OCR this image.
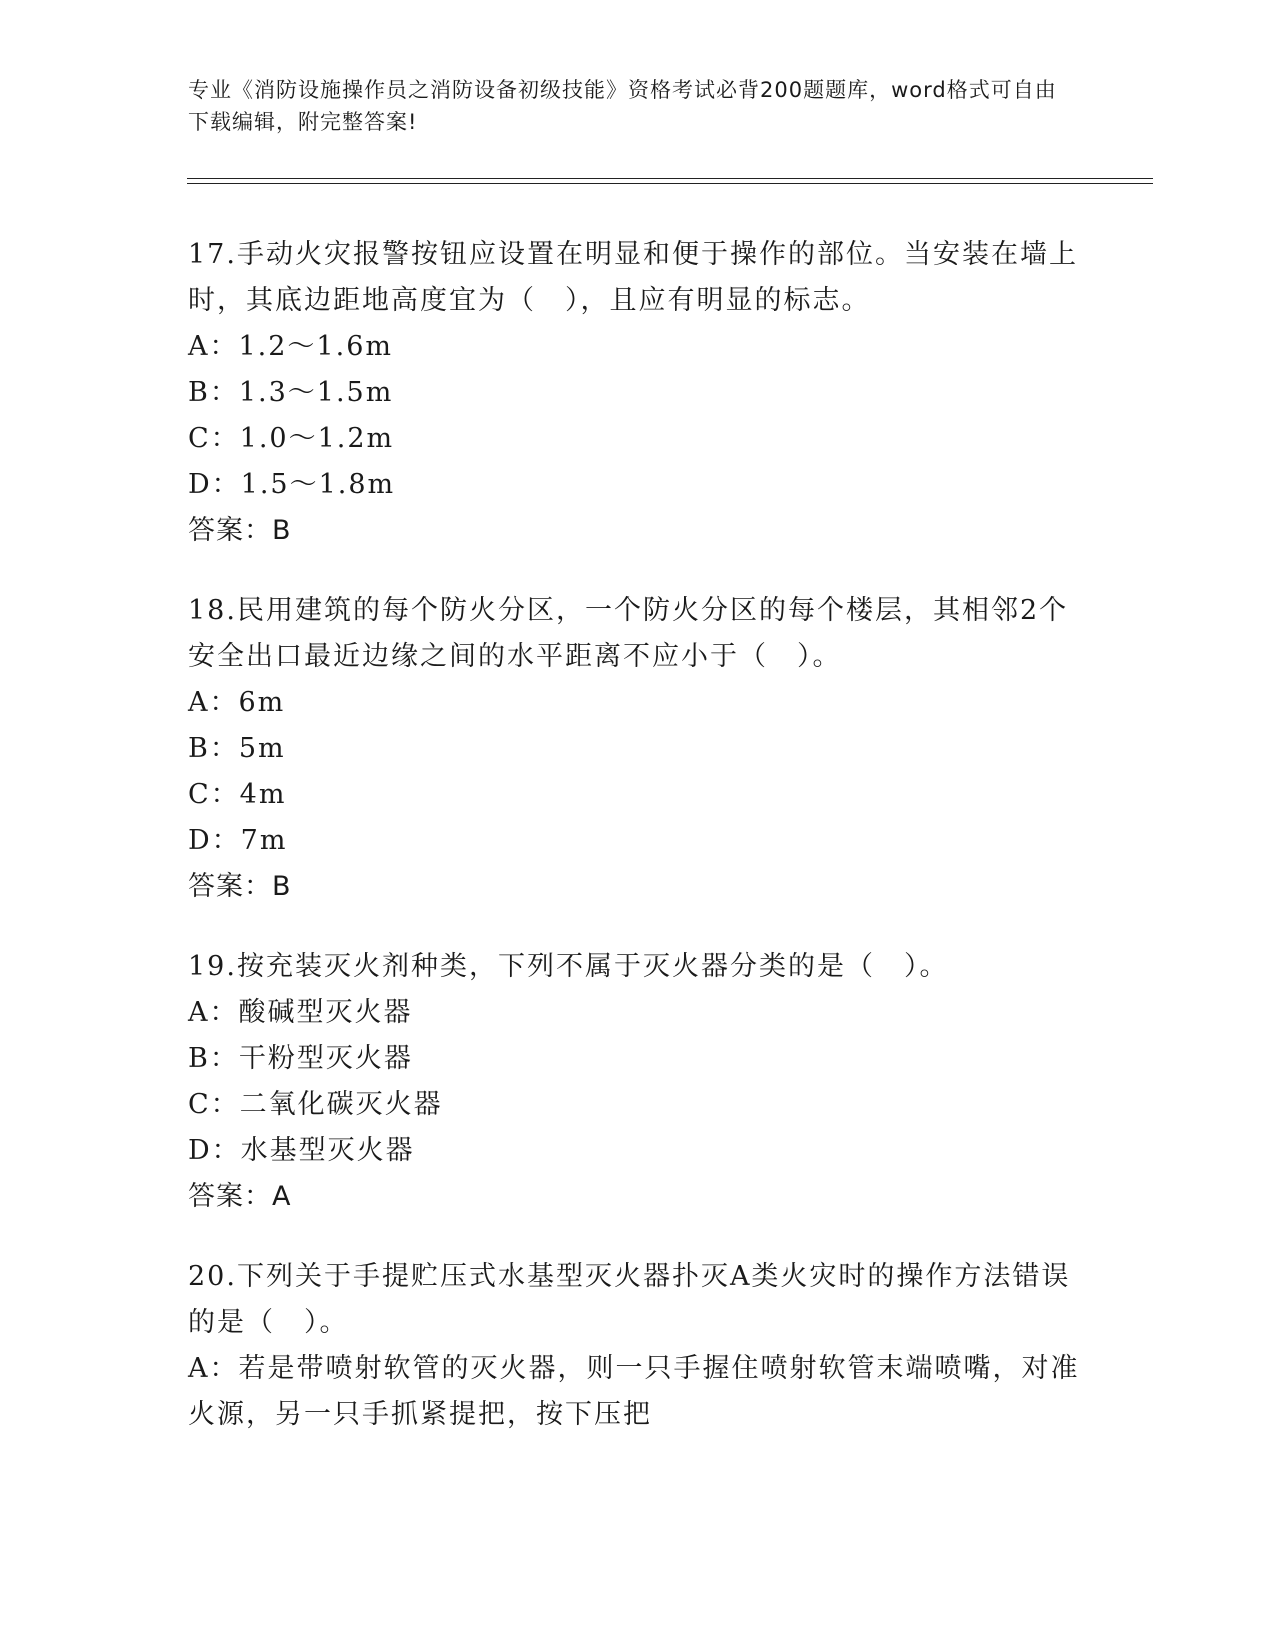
专业《消防设施操作员之消防设备初级技能》资格考试必背200题题库，word格式可自由下载编辑，附完整答案!

17.手动火灾报警按钮应设置在明显和便于操作的部位。当安装在墙上时，其底边距地高度宜为（　），且应有明显的标志。

A：1.2～1.6m

B：1.3～1.5m

C：1.0～1.2m

D：1.5～1.8m

答案：B

18.民用建筑的每个防火分区，一个防火分区的每个楼层，其相邻2个安全出口最近边缘之间的水平距离不应小于（　）。

A：6m

B：5m

C：4m

D：7m

答案：B

19.按充装灭火剂种类，下列不属于灭火器分类的是（　）。

A：酸碱型灭火器

B：干粉型灭火器

C：二氧化碳灭火器

D：水基型灭火器

答案：A

20.下列关于手提贮压式水基型灭火器扑灭A类火灾时的操作方法错误的是（　）。

A：若是带喷射软管的灭火器，则一只手握住喷射软管末端喷嘴，对准火源，另一只手抓紧提把，按下压把
